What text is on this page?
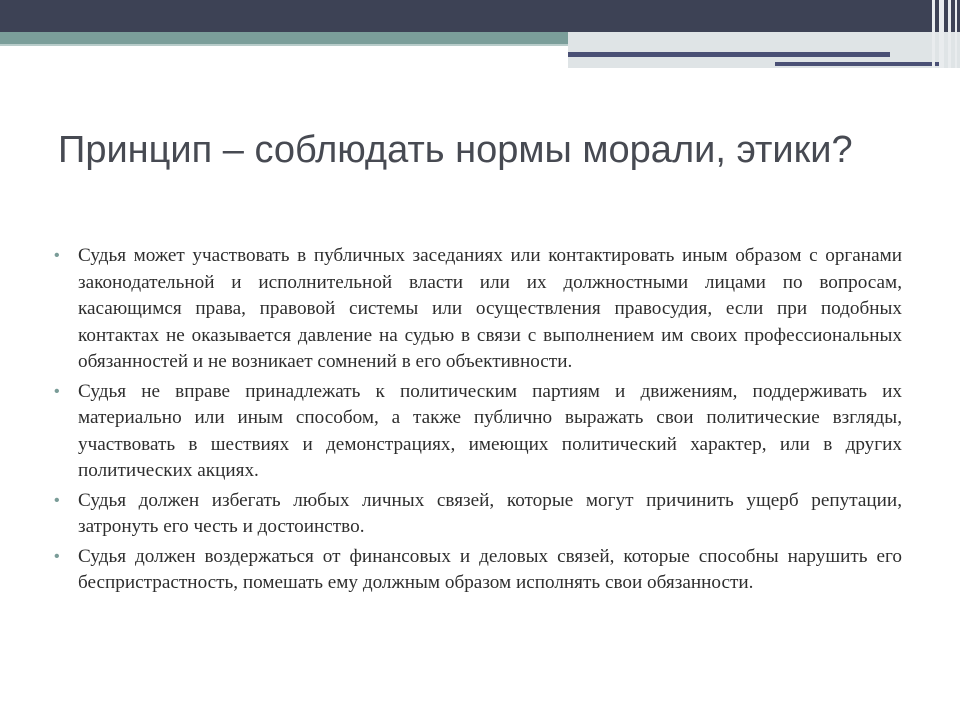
Принцип – соблюдать нормы морали, этики?
• Судья может участвовать в публичных заседаниях или контактировать иным образом с органами законодательной и исполнительной власти или их должностными лицами по вопросам, касающимся права, правовой системы или осуществления правосудия, если при подобных контактах не оказывается давление на судью в связи с выполнением им своих профессиональных обязанностей и не возникает сомнений в его объективности.
• Судья не вправе принадлежать к политическим партиям и движениям, поддерживать их материально или иным способом, а также публично выражать свои политические взгляды, участвовать в шествиях и демонстрациях, имеющих политический характер, или в других политических акциях.
• Судья должен избегать любых личных связей, которые могут причинить ущерб репутации, затронуть его честь и достоинство.
• Судья должен воздержаться от финансовых и деловых связей, которые способны нарушить его беспристрастность, помешать ему должным образом исполнять свои обязанности.
